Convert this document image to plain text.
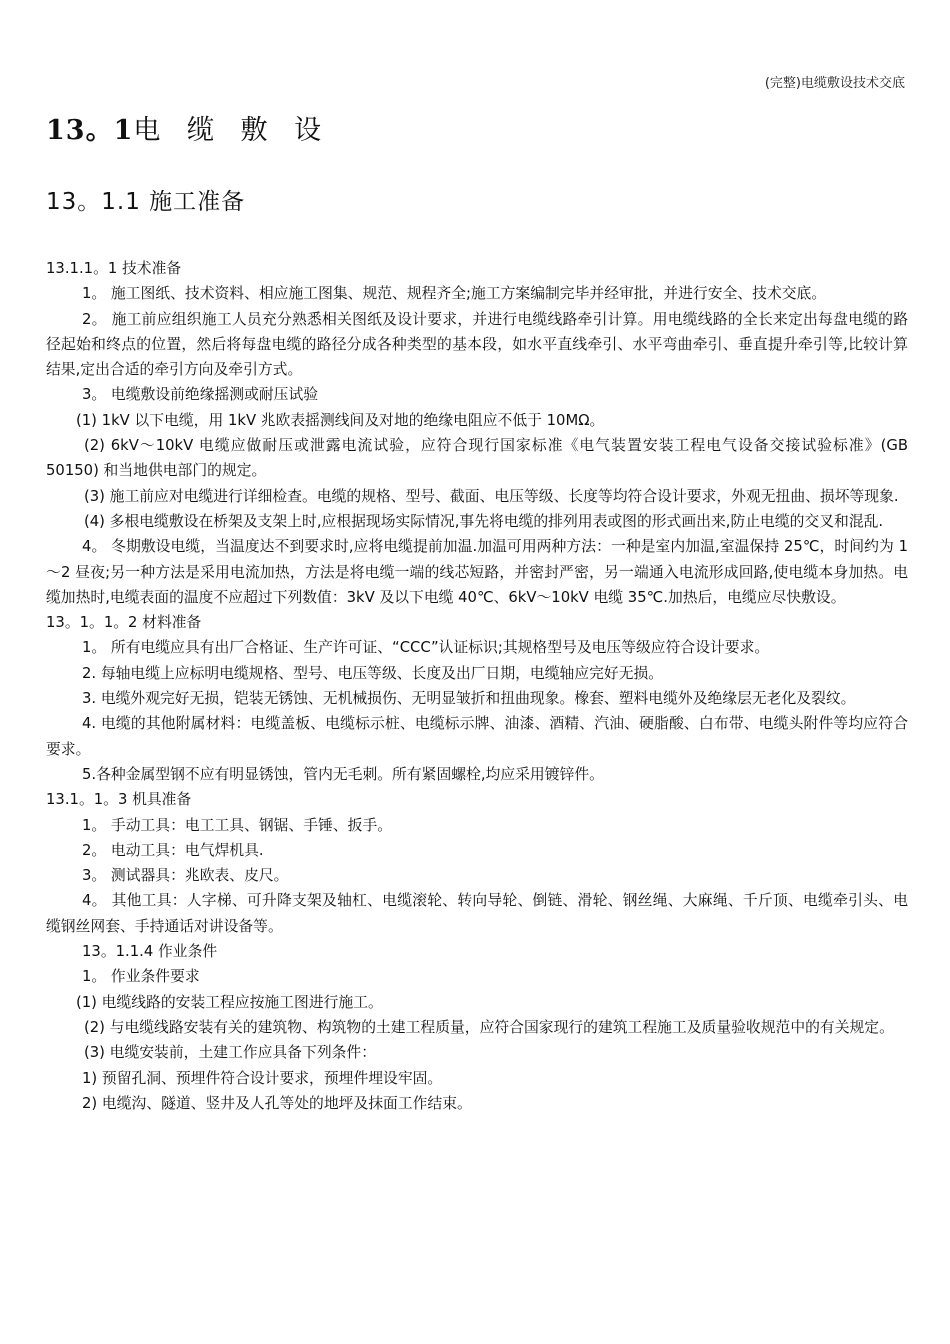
(完整)电缆敷设技术交底
13。1电 缆 敷 设
13。1.1 施工准备

13.1.1。1 技术准备

1。 施工图纸、技术资料、相应施工图集、规范、规程齐全;施工方案编制完毕并经审批，并进行安全、技术交底。

2。 施工前应组织施工人员充分熟悉相关图纸及设计要求，并进行电缆线路牵引计算。用电缆线路的全长来定出每盘电缆的路径起始和终点的位置，然后将每盘电缆的路径分成各种类型的基本段，如水平直线牵引、水平弯曲牵引、垂直提升牵引等,比较计算结果,定出合适的牵引方向及牵引方式。

3。 电缆敷设前绝缘摇测或耐压试验

(1) 1kV 以下电缆，用 1kV 兆欧表摇测线间及对地的绝缘电阻应不低于 10MΩ。

(2) 6kV～10kV 电缆应做耐压或泄露电流试验，应符合现行国家标准《电气装置安装工程电气设备交接试验标准》(GB 50150) 和当地供电部门的规定。

(3) 施工前应对电缆进行详细检查。电缆的规格、型号、截面、电压等级、长度等均符合设计要求，外观无扭曲、损坏等现象.

(4) 多根电缆敷设在桥架及支架上时,应根据现场实际情况,事先将电缆的排列用表或图的形式画出来,防止电缆的交叉和混乱.

4。 冬期敷设电缆，当温度达不到要求时,应将电缆提前加温.加温可用两种方法：一种是室内加温,室温保持 25℃，时间约为 1～2 昼夜;另一种方法是采用电流加热，方法是将电缆一端的线芯短路，并密封严密，另一端通入电流形成回路,使电缆本身加热。电缆加热时,电缆表面的温度不应超过下列数值：3kV 及以下电缆 40℃、6kV～10kV 电缆 35℃.加热后，电缆应尽快敷设。

13。1。1。2 材料准备

1。 所有电缆应具有出厂合格证、生产许可证、“CCC”认证标识;其规格型号及电压等级应符合设计要求。

2. 每轴电缆上应标明电缆规格、型号、电压等级、长度及出厂日期，电缆轴应完好无损。

3. 电缆外观完好无损，铠装无锈蚀、无机械损伤、无明显皱折和扭曲现象。橡套、塑料电缆外及绝缘层无老化及裂纹。

4. 电缆的其他附属材料：电缆盖板、电缆标示桩、电缆标示牌、油漆、酒精、汽油、硬脂酸、白布带、电缆头附件等均应符合要求。

5.各种金属型钢不应有明显锈蚀，管内无毛刺。所有紧固螺栓,均应采用镀锌件。

13.1。1。3 机具准备

1。 手动工具：电工工具、钢锯、手锤、扳手。

2。 电动工具：电气焊机具.

3。 测试器具：兆欧表、皮尺。

4。 其他工具：人字梯、可升降支架及轴杠、电缆滚轮、转向导轮、倒链、滑轮、钢丝绳、大麻绳、千斤顶、电缆牵引头、电缆钢丝网套、手持通话对讲设备等。

13。1.1.4 作业条件

1。 作业条件要求

(1) 电缆线路的安装工程应按施工图进行施工。

(2) 与电缆线路安装有关的建筑物、构筑物的土建工程质量，应符合国家现行的建筑工程施工及质量验收规范中的有关规定。

(3) 电缆安装前，土建工作应具备下列条件：

1) 预留孔洞、预埋件符合设计要求，预埋件埋设牢固。

2) 电缆沟、隧道、竖井及人孔等处的地坪及抹面工作结束。
